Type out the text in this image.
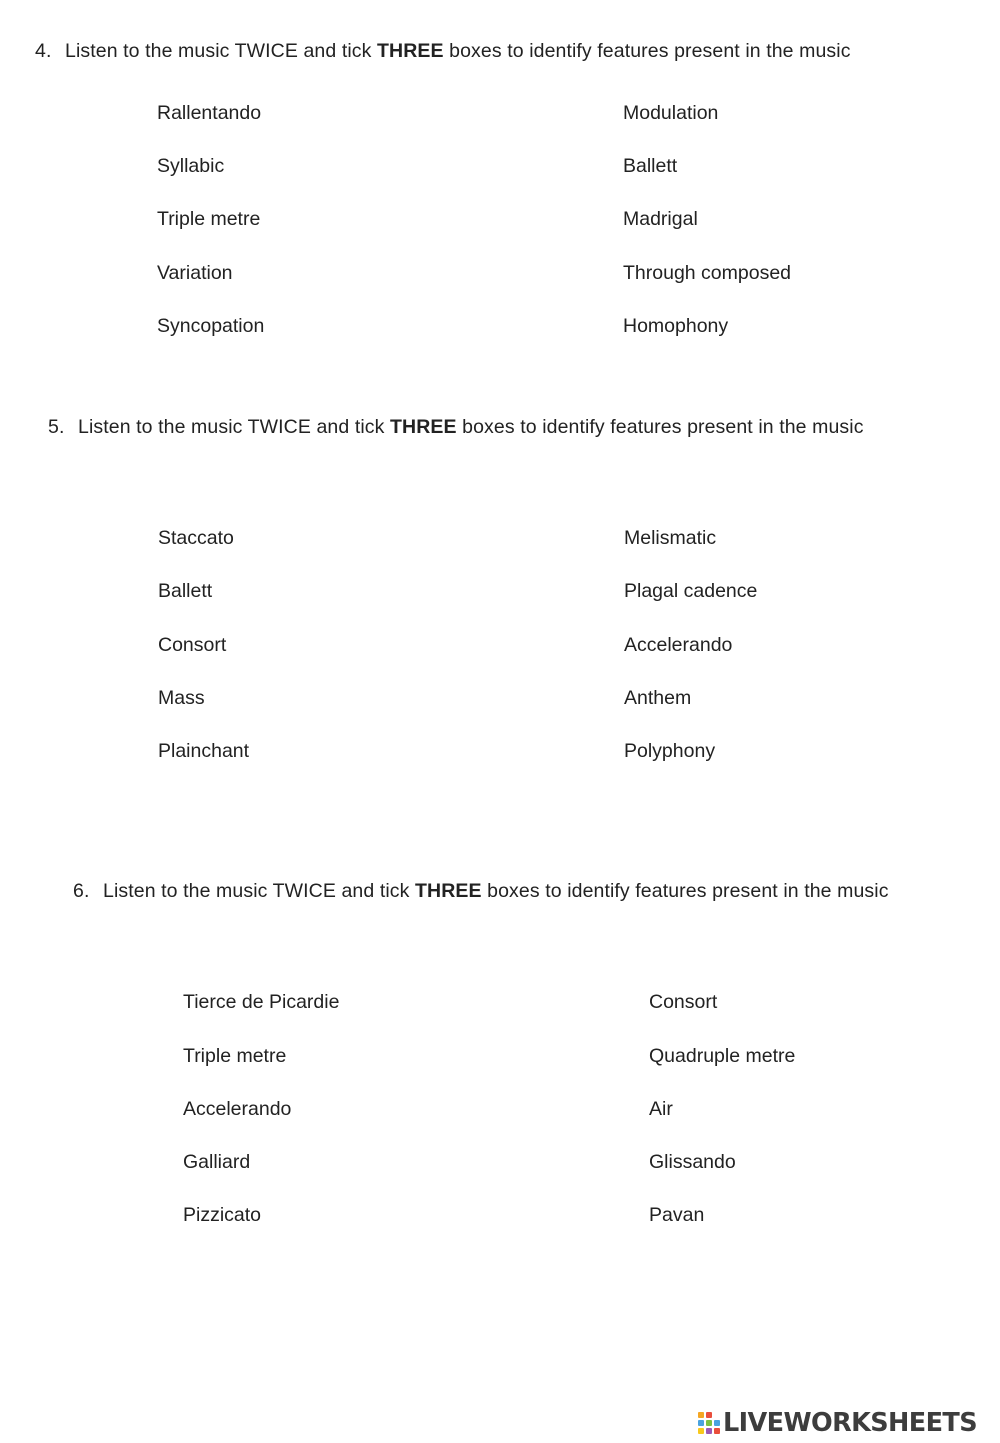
4. Listen to the music TWICE and tick THREE boxes to identify features present in the music
Rallentando
Syllabic
Triple metre
Variation
Syncopation
Modulation
Ballett
Madrigal
Through composed
Homophony
5. Listen to the music TWICE and tick THREE boxes to identify features present in the music
Staccato
Ballett
Consort
Mass
Plainchant
Melismatic
Plagal cadence
Accelerando
Anthem
Polyphony
6. Listen to the music TWICE and tick THREE boxes to identify features present in the music
Tierce de Picardie
Triple metre
Accelerando
Galliard
Pizzicato
Consort
Quadruple metre
Air
Glissando
Pavan
LIVEWORKSHEETS
